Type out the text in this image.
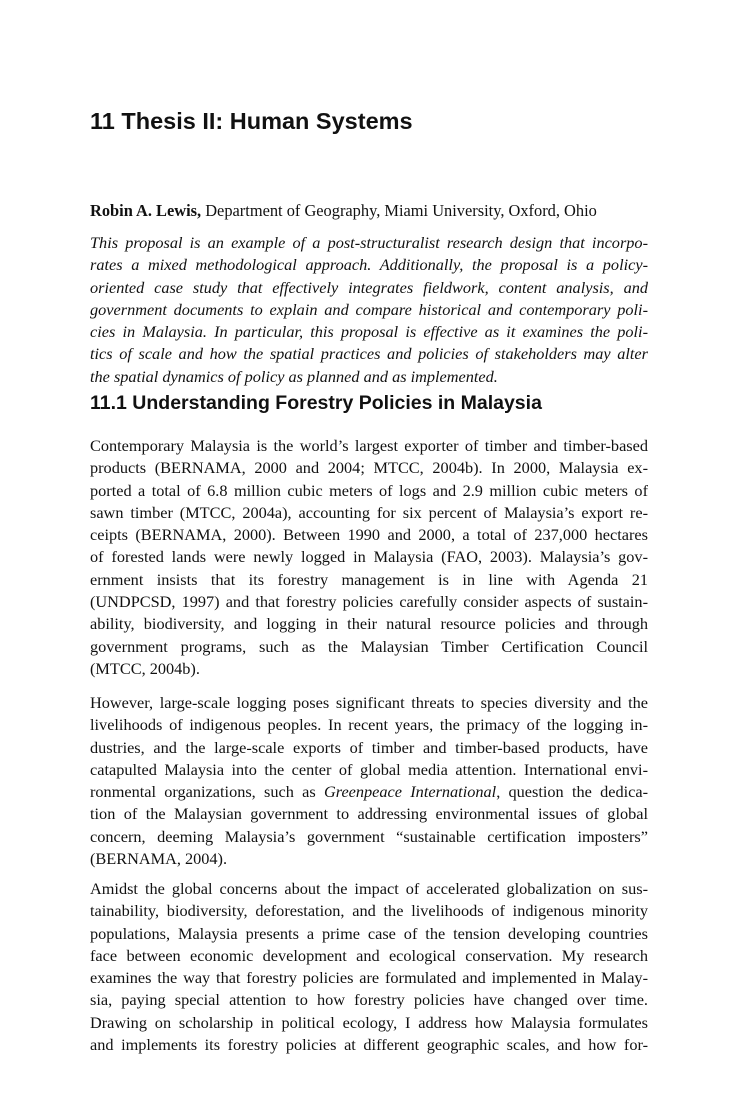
11 Thesis II: Human Systems
Robin A. Lewis, Department of Geography, Miami University, Oxford, Ohio
This proposal is an example of a post-structuralist research design that incorpo-
rates a mixed methodological approach. Additionally, the proposal is a policy-
oriented case study that effectively integrates fieldwork, content analysis, and
government documents to explain and compare historical and contemporary poli-
cies in Malaysia. In particular, this proposal is effective as it examines the poli-
tics of scale and how the spatial practices and policies of stakeholders may alter
the spatial dynamics of policy as planned and as implemented.
11.1 Understanding Forestry Policies in Malaysia
Contemporary Malaysia is the world’s largest exporter of timber and timber-based
products (BERNAMA, 2000 and 2004; MTCC, 2004b). In 2000, Malaysia ex-
ported a total of 6.8 million cubic meters of logs and 2.9 million cubic meters of
sawn timber (MTCC, 2004a), accounting for six percent of Malaysia’s export re-
ceipts (BERNAMA, 2000). Between 1990 and 2000, a total of 237,000 hectares
of forested lands were newly logged in Malaysia (FAO, 2003). Malaysia’s gov-
ernment insists that its forestry management is in line with Agenda 21
(UNDPCSD, 1997) and that forestry policies carefully consider aspects of sustain-
ability, biodiversity, and logging in their natural resource policies and through
government programs, such as the Malaysian Timber Certification Council
(MTCC, 2004b).
However, large-scale logging poses significant threats to species diversity and the
livelihoods of indigenous peoples. In recent years, the primacy of the logging in-
dustries, and the large-scale exports of timber and timber-based products, have
catapulted Malaysia into the center of global media attention. International envi-
ronmental organizations, such as Greenpeace International, question the dedica-
tion of the Malaysian government to addressing environmental issues of global
concern, deeming Malaysia’s government “sustainable certification imposters”
(BERNAMA, 2004).
Amidst the global concerns about the impact of accelerated globalization on sus-
tainability, biodiversity, deforestation, and the livelihoods of indigenous minority
populations, Malaysia presents a prime case of the tension developing countries
face between economic development and ecological conservation. My research
examines the way that forestry policies are formulated and implemented in Malay-
sia, paying special attention to how forestry policies have changed over time.
Drawing on scholarship in political ecology, I address how Malaysia formulates
and implements its forestry policies at different geographic scales, and how for-
